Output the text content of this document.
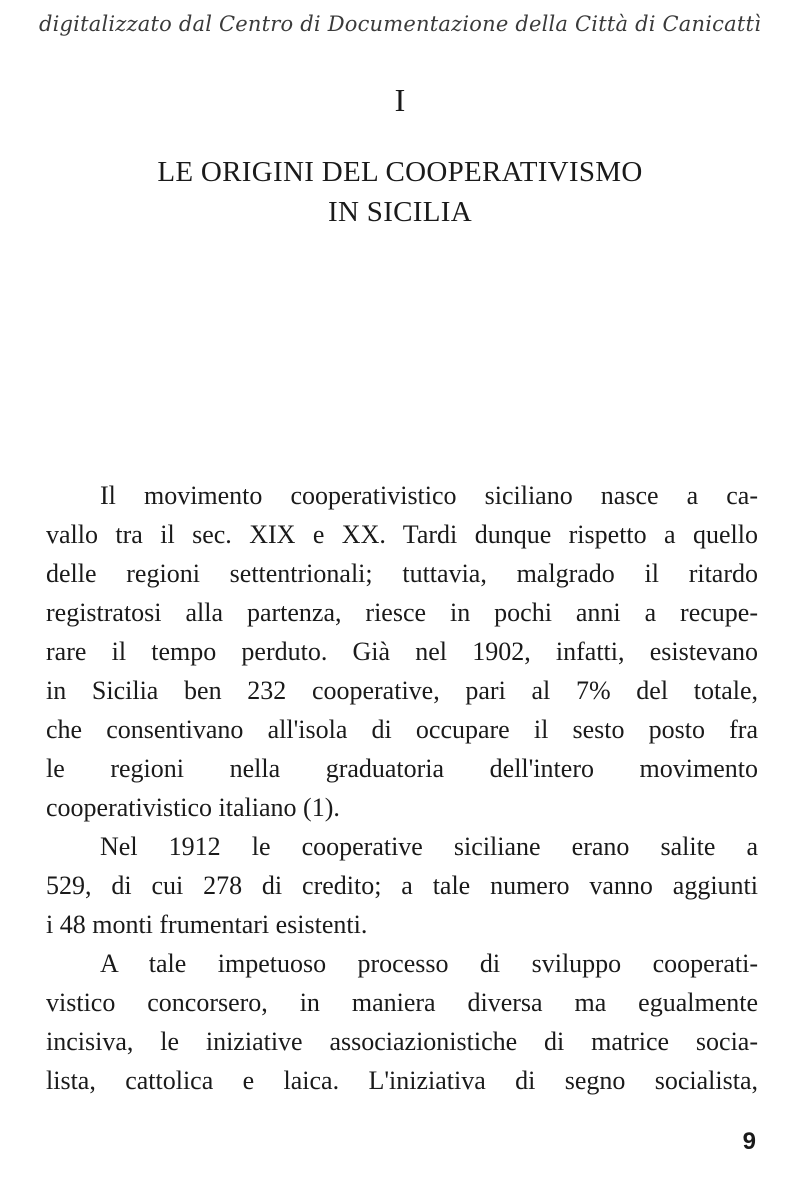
digitalizzato dal Centro di Documentazione della Città di Canicattì
I
LE ORIGINI DEL COOPERATIVISMO
IN SICILIA
Il movimento cooperativistico siciliano nasce a ca-
vallo tra il sec. XIX e XX. Tardi dunque rispetto a quello
delle regioni settentrionali; tuttavia, malgrado il ritardo
registratosi alla partenza, riesce in pochi anni a recupe-
rare il tempo perduto. Già nel 1902, infatti, esistevano
in Sicilia ben 232 cooperative, pari al 7% del totale,
che consentivano all'isola di occupare il sesto posto fra
le regioni nella graduatoria dell'intero movimento
cooperativistico italiano (1).
Nel 1912 le cooperative siciliane erano salite a
529, di cui 278 di credito; a tale numero vanno aggiunti
i 48 monti frumentari esistenti.
A tale impetuoso processo di sviluppo cooperati-
vistico concorsero, in maniera diversa ma egualmente
incisiva, le iniziative associazionistiche di matrice socia-
lista, cattolica e laica. L'iniziativa di segno socialista,
9
